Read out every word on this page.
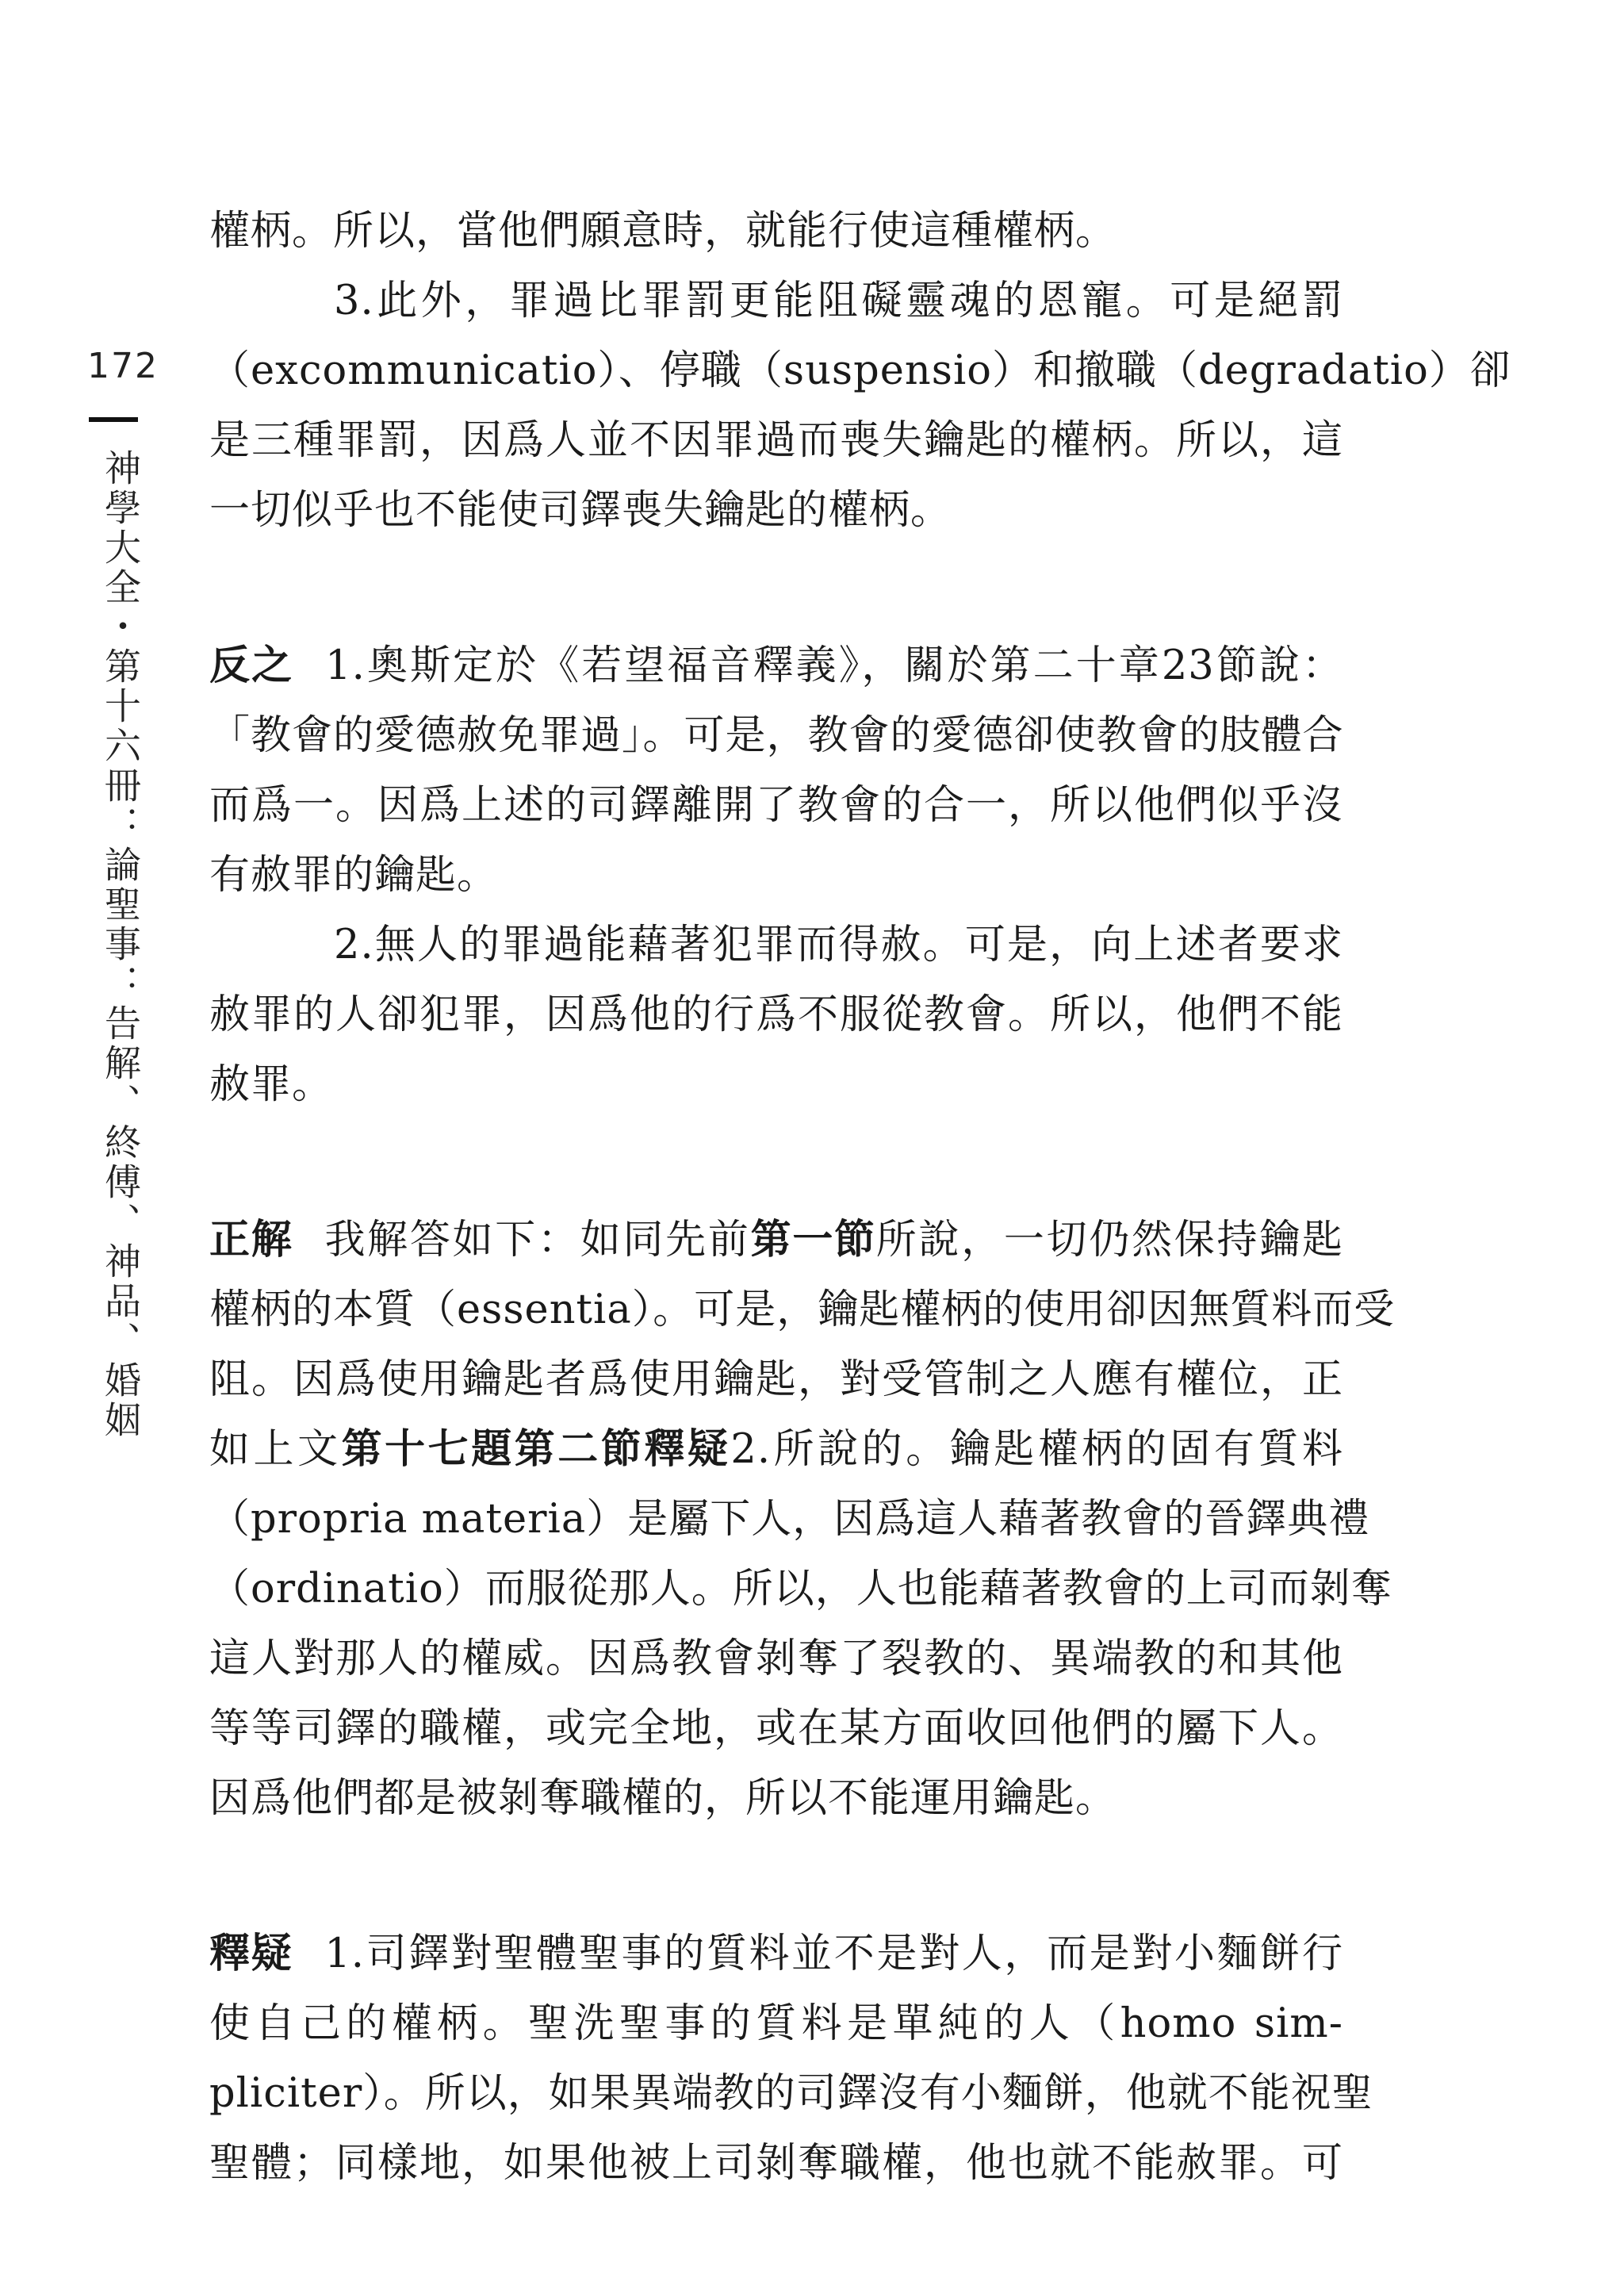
172
神學大全・第十六冊：論聖事：告解、終傅、神品、婚姻
權柄。所以，當他們願意時，就能行使這種權柄。
3.此外，罪過比罪罰更能阻礙靈魂的恩寵。可是絕罰
（excommunicatio）、停職（suspensio）和撤職（degradatio）卻
是三種罪罰，因爲人並不因罪過而喪失鑰匙的權柄。所以，這
一切似乎也不能使司鐸喪失鑰匙的權柄。
反之 1.奧斯定於《若望福音釋義》，關於第二十章23節說：
「教會的愛德赦免罪過」。可是，教會的愛德卻使教會的肢體合
而爲一。因爲上述的司鐸離開了教會的合一，所以他們似乎沒
有赦罪的鑰匙。
2.無人的罪過能藉著犯罪而得赦。可是，向上述者要求
赦罪的人卻犯罪，因爲他的行爲不服從教會。所以，他們不能
赦罪。
正解 我解答如下：如同先前第一節所說，一切仍然保持鑰匙
權柄的本質（essentia）。可是，鑰匙權柄的使用卻因無質料而受
阻。因爲使用鑰匙者爲使用鑰匙，對受管制之人應有權位，正
如上文第十七題第二節釋疑2.所說的。鑰匙權柄的固有質料
（propria materia）是屬下人，因爲這人藉著教會的晉鐸典禮
（ordinatio）而服從那人。所以，人也能藉著教會的上司而剝奪
這人對那人的權威。因爲教會剝奪了裂教的、異端教的和其他
等等司鐸的職權，或完全地，或在某方面收回他們的屬下人。
因爲他們都是被剝奪職權的，所以不能運用鑰匙。
釋疑 1.司鐸對聖體聖事的質料並不是對人，而是對小麵餅行
使自己的權柄。聖洗聖事的質料是單純的人（homo sim-
pliciter）。所以，如果異端教的司鐸沒有小麵餅，他就不能祝聖
聖體；同樣地，如果他被上司剝奪職權，他也就不能赦罪。可
